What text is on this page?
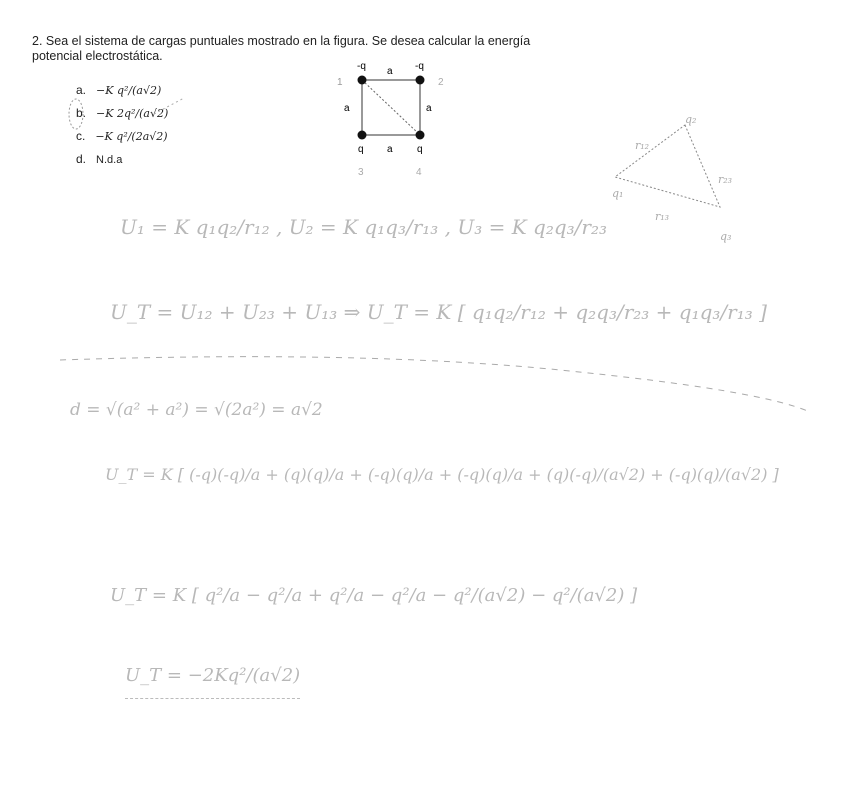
2. Sea el sistema de cargas puntuales mostrado en la figura. Se desea calcular la energía potencial electrostática.
a. −K q²/(a√2)
b. −K 2q²/(a√2)
c. −K q²/(2a√2)
d. N.d.a
-q	-q
q	q
a
a
a	a
1	2
3	4
q₂
q₃
q₁
r₁₂
r₂₃
r₁₃
U₁ = K q₁q₂/r₁₂ , U₂ = K q₁q₃/r₁₃ , U₃ = K q₂q₃/r₂₃
U_T = U₁₂ + U₂₃ + U₁₃ ⇒ U_T = K [ q₁q₂/r₁₂ + q₂q₃/r₂₃ + q₁q₃/r₁₃ ]
d = √(a² + a²) = √(2a²) = a√2
U_T = K [ (-q)(-q)/a + (q)(q)/a + (-q)(q)/a + (-q)(q)/a + (q)(-q)/(a√2) + (-q)(q)/(a√2) ]
U_T = K [ q²/a − q²/a + q²/a − q²/a − q²/(a√2) − q²/(a√2) ]
U_T = −2Kq²/(a√2)
